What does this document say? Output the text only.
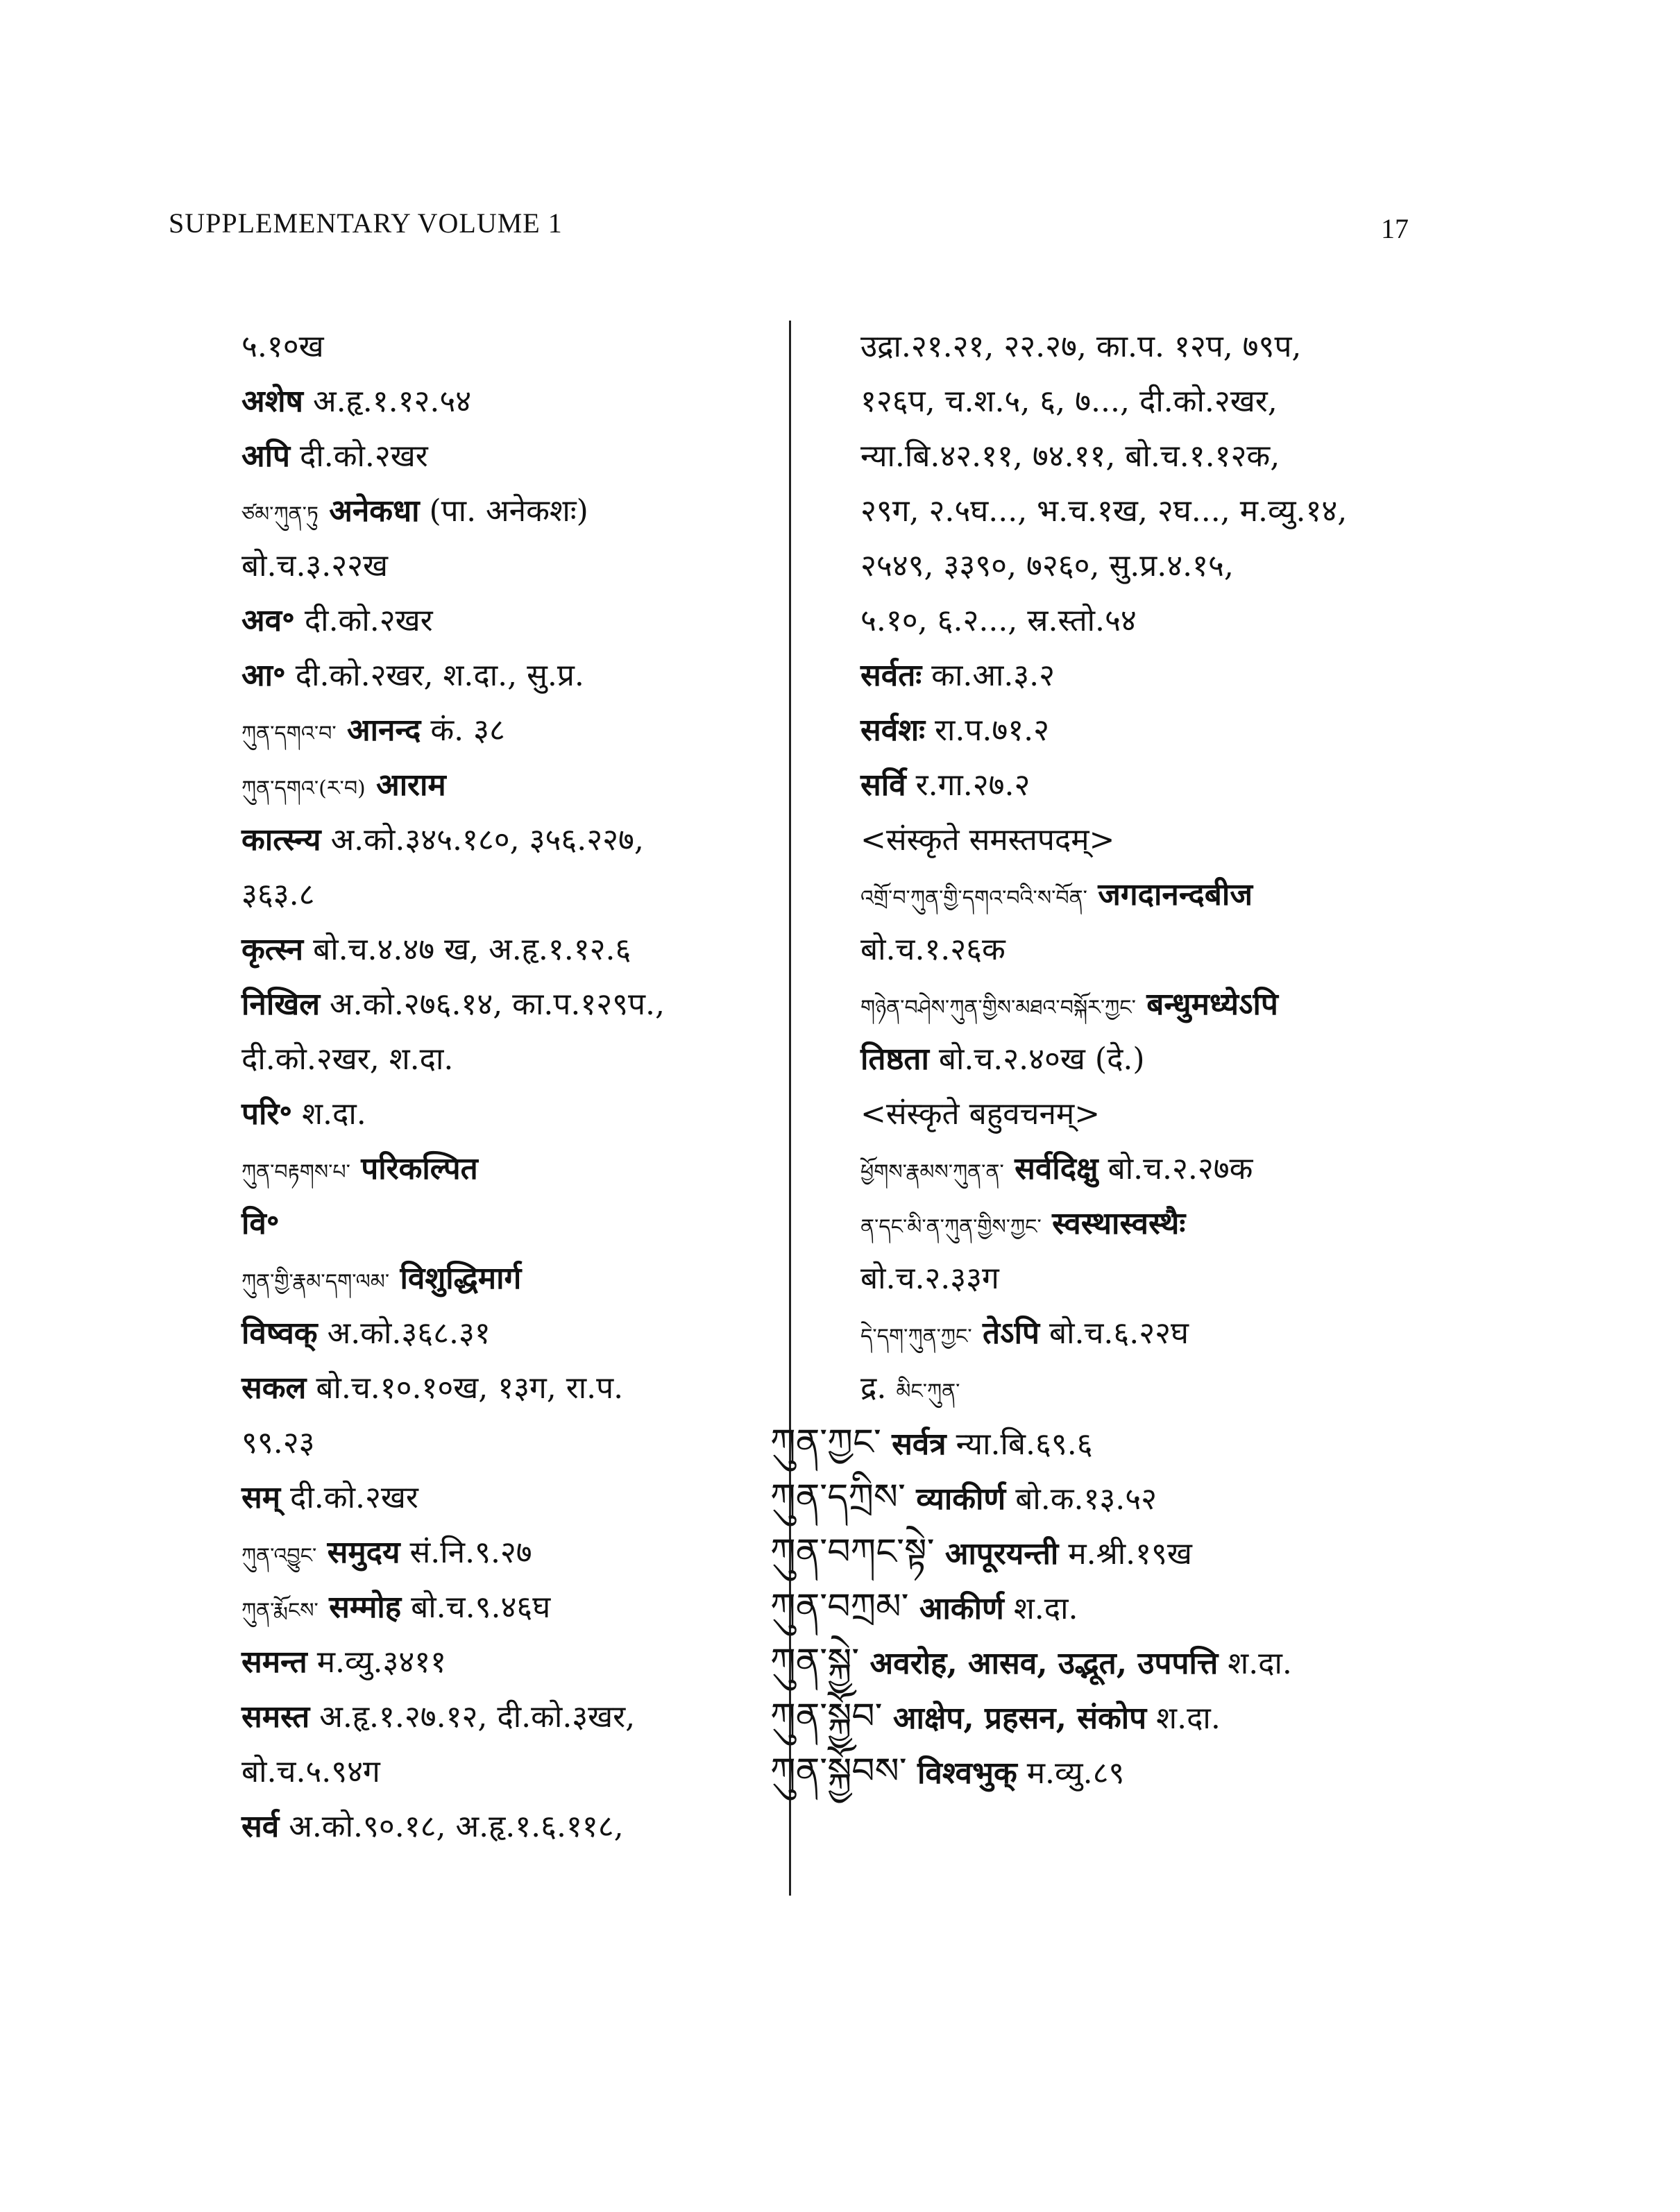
SUPPLEMENTARY VOLUME 1	17
५.१०ख
अशेष अ.हृ.१.१२.५४
अपि दी.को.२खर
ཙམ་ཀུན་ཏུ अनेकधा (पा. अनेकशः)
बो.च.३.२२ख
अव॰ दी.को.२खर
आ॰ दी.को.२खर, श.दा., सु.प्र.
ཀུན་དགའ་བ་ आनन्द कं. ३८
ཀུན་དགའ་(ར་བ) आराम
कात्स्न्य अ.को.३४५.१८०, ३५६.२२७,
३६३.८
कृत्स्न बो.च.४.४७ ख, अ.हृ.१.१२.६
निखिल अ.को.२७६.१४, का.प.१२९प.,
दी.को.२खर, श.दा.
परि॰ श.दा.
ཀུན་བརྟགས་པ་ परिकल्पित
वि॰
ཀུན་གྱི་རྣམ་དག་ལམ་ विशुद्धिमार्ग
विष्वक् अ.को.३६८.३१
सकल बो.च.१०.१०ख, १३ग, रा.प.
९९.२३
सम् दी.को.२खर
ཀུན་འབྱུང་ समुदय सं.नि.९.२७
ཀུན་རྨོངས་ सम्मोह बो.च.९.४६घ
समन्त म.व्यु.३४११
समस्त अ.हृ.१.२७.१२, दी.को.३खर,
बो.च.५.९४ग
सर्व अ.को.९०.१८, अ.हृ.१.६.११८,
उद्रा.२१.२१, २२.२७, का.प. १२प, ७९प,
१२६प, च.श.५, ६, ७..., दी.को.२खर,
न्या.बि.४२.११, ७४.११, बो.च.१.१२क,
२९ग, २.५घ..., भ.च.१ख, २घ..., म.व्यु.१४,
२५४९, ३३९०, ७२६०, सु.प्र.४.१५,
५.१०, ६.२..., स्र.स्तो.५४
सर्वतः का.आ.३.२
सर्वशः रा.प.७१.२
सर्वि र.गा.२७.२
<संस्कृते समस्तपदम्>
འགྲོ་བ་ཀུན་གྱི་དགའ་བའི་ས་བོན་ जगदानन्दबीज
बो.च.१.२६क
གཉེན་བཤེས་ཀུན་གྱིས་མཐའ་བསྐོར་ཀྱང་ बन्धुमध्येऽपि
तिष्ठता बो.च.२.४०ख (दे.)
<संस्कृते बहुवचनम्>
ཕྱོགས་རྣམས་ཀུན་ན་ सर्वदिक्षु बो.च.२.२७क
ན་དང་མི་ན་ཀུན་གྱིས་ཀྱང་ स्वस्थास्वस्थैः
बो.च.२.३३ग
དེ་དག་ཀུན་ཀྱང་ तेऽपि बो.च.६.२२घ
द्र. མིང་ཀུན་
ཀུན་ཀྱང་ सर्वत्र न्या.बि.६९.६
ཀུན་དཀྲིས་ व्याकीर्ण बो.क.१३.५२
ཀུན་བཀང་སྟེ་ आपूरयन्ती म.श्री.१९ख
ཀུན་བཀྲམ་ आकीर्ण श.दा.
ཀུན་སྐྱེ་ अवरोह, आसव, उद्भूत, उपपत्ति श.दा.
ཀུན་སྐྱོབ་ आक्षेप, प्रहसन, संकोप श.दा.
ཀུན་སྐྱོབས་ विश्वभुक् म.व्यु.८९
